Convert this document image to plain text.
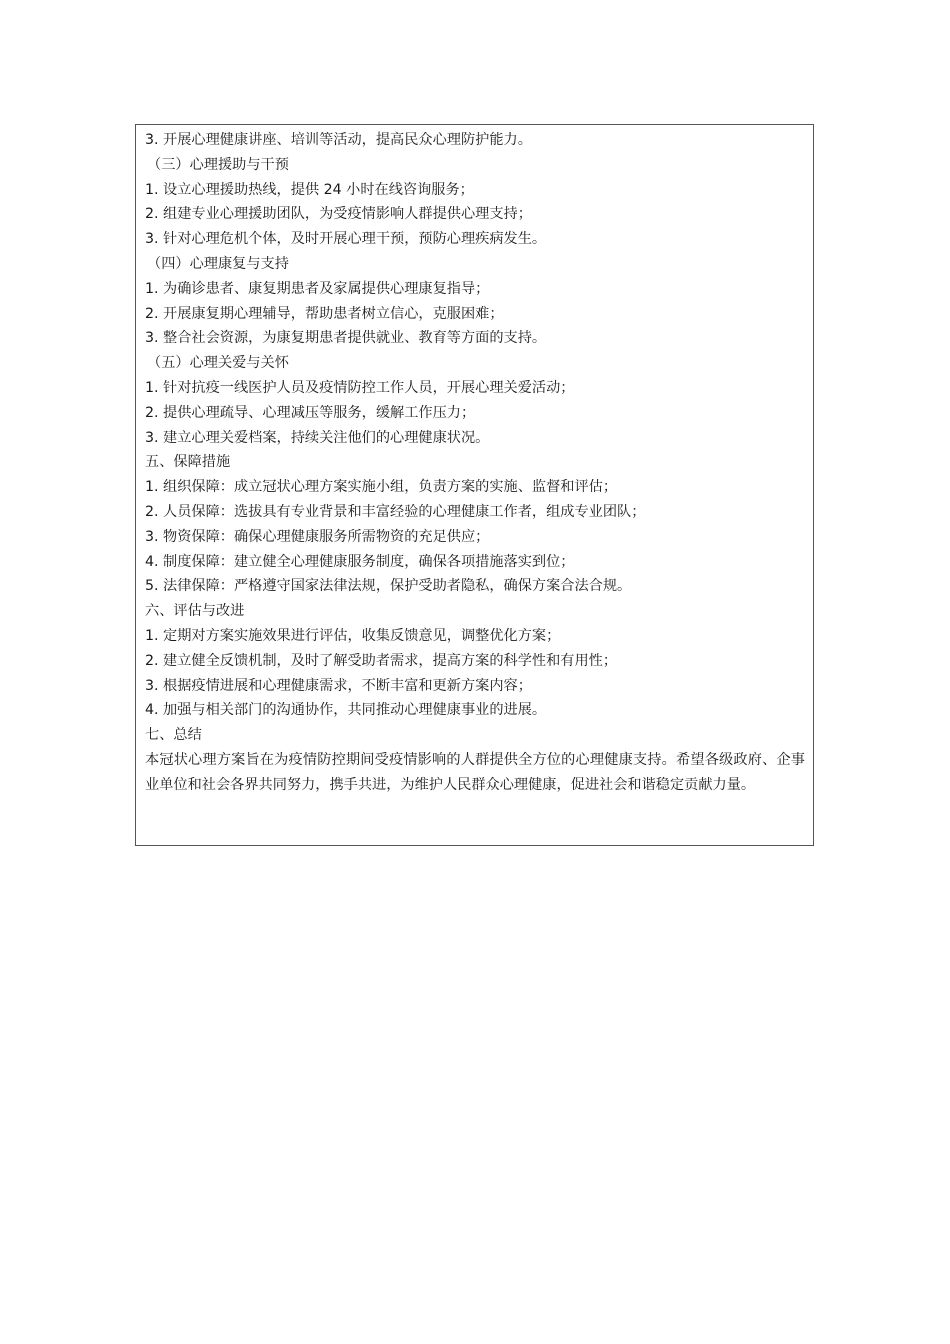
3. 开展心理健康讲座、培训等活动，提高民众心理防护能力。
（三）心理援助与干预
1. 设立心理援助热线，提供 24 小时在线咨询服务；
2. 组建专业心理援助团队，为受疫情影响人群提供心理支持；
3. 针对心理危机个体，及时开展心理干预，预防心理疾病发生。
（四）心理康复与支持
1. 为确诊患者、康复期患者及家属提供心理康复指导；
2. 开展康复期心理辅导，帮助患者树立信心，克服困难；
3. 整合社会资源，为康复期患者提供就业、教育等方面的支持。
（五）心理关爱与关怀
1. 针对抗疫一线医护人员及疫情防控工作人员，开展心理关爱活动；
2. 提供心理疏导、心理减压等服务，缓解工作压力；
3. 建立心理关爱档案，持续关注他们的心理健康状况。
五、保障措施
1. 组织保障：成立冠状心理方案实施小组，负责方案的实施、监督和评估；
2. 人员保障：选拔具有专业背景和丰富经验的心理健康工作者，组成专业团队；
3. 物资保障：确保心理健康服务所需物资的充足供应；
4. 制度保障：建立健全心理健康服务制度，确保各项措施落实到位；
5. 法律保障：严格遵守国家法律法规，保护受助者隐私，确保方案合法合规。
六、评估与改进
1. 定期对方案实施效果进行评估，收集反馈意见，调整优化方案；
2. 建立健全反馈机制，及时了解受助者需求，提高方案的科学性和有用性；
3. 根据疫情进展和心理健康需求，不断丰富和更新方案内容；
4. 加强与相关部门的沟通协作，共同推动心理健康事业的进展。
七、总结
本冠状心理方案旨在为疫情防控期间受疫情影响的人群提供全方位的心理健康支持。希望各级政府、企事业单位和社会各界共同努力，携手共进，为维护人民群众心理健康，促进社会和谐稳定贡献力量。
